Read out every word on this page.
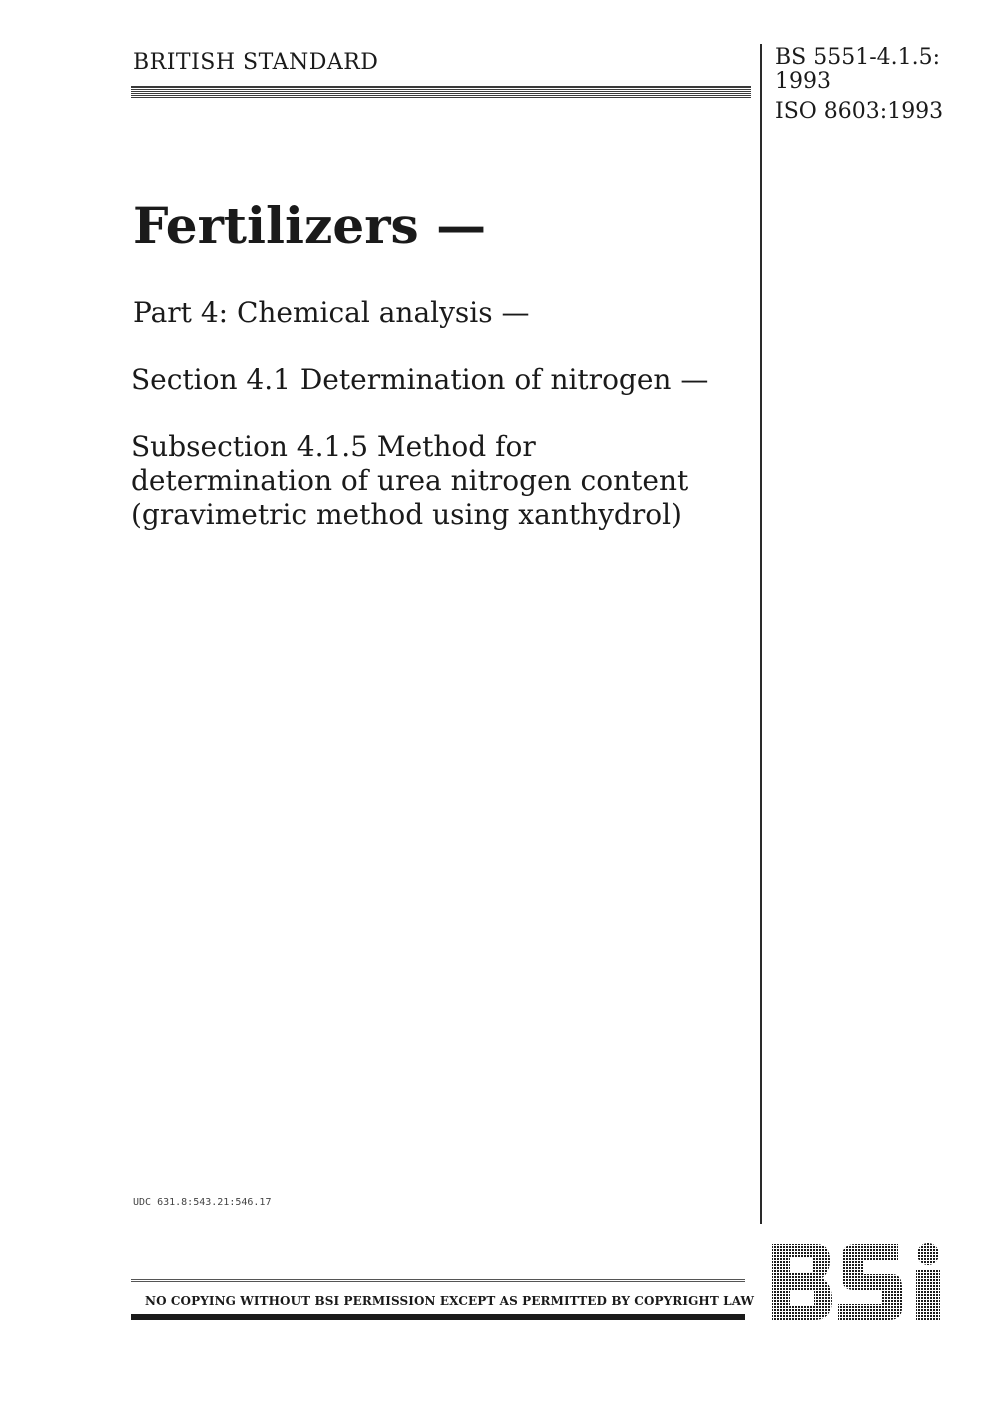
BRITISH STANDARD	BS 5551-4.1.5:
1993
ISO 8603:1993
Fertilizers —
Part 4: Chemical analysis —
Section 4.1 Determination of nitrogen —
Subsection 4.1.5 Method for
determination of urea nitrogen content
(gravimetric method using xanthydrol)
UDC 631.8:543.21:546.17
NO COPYING WITHOUT BSI PERMISSION EXCEPT AS PERMITTED BY COPYRIGHT LAW
